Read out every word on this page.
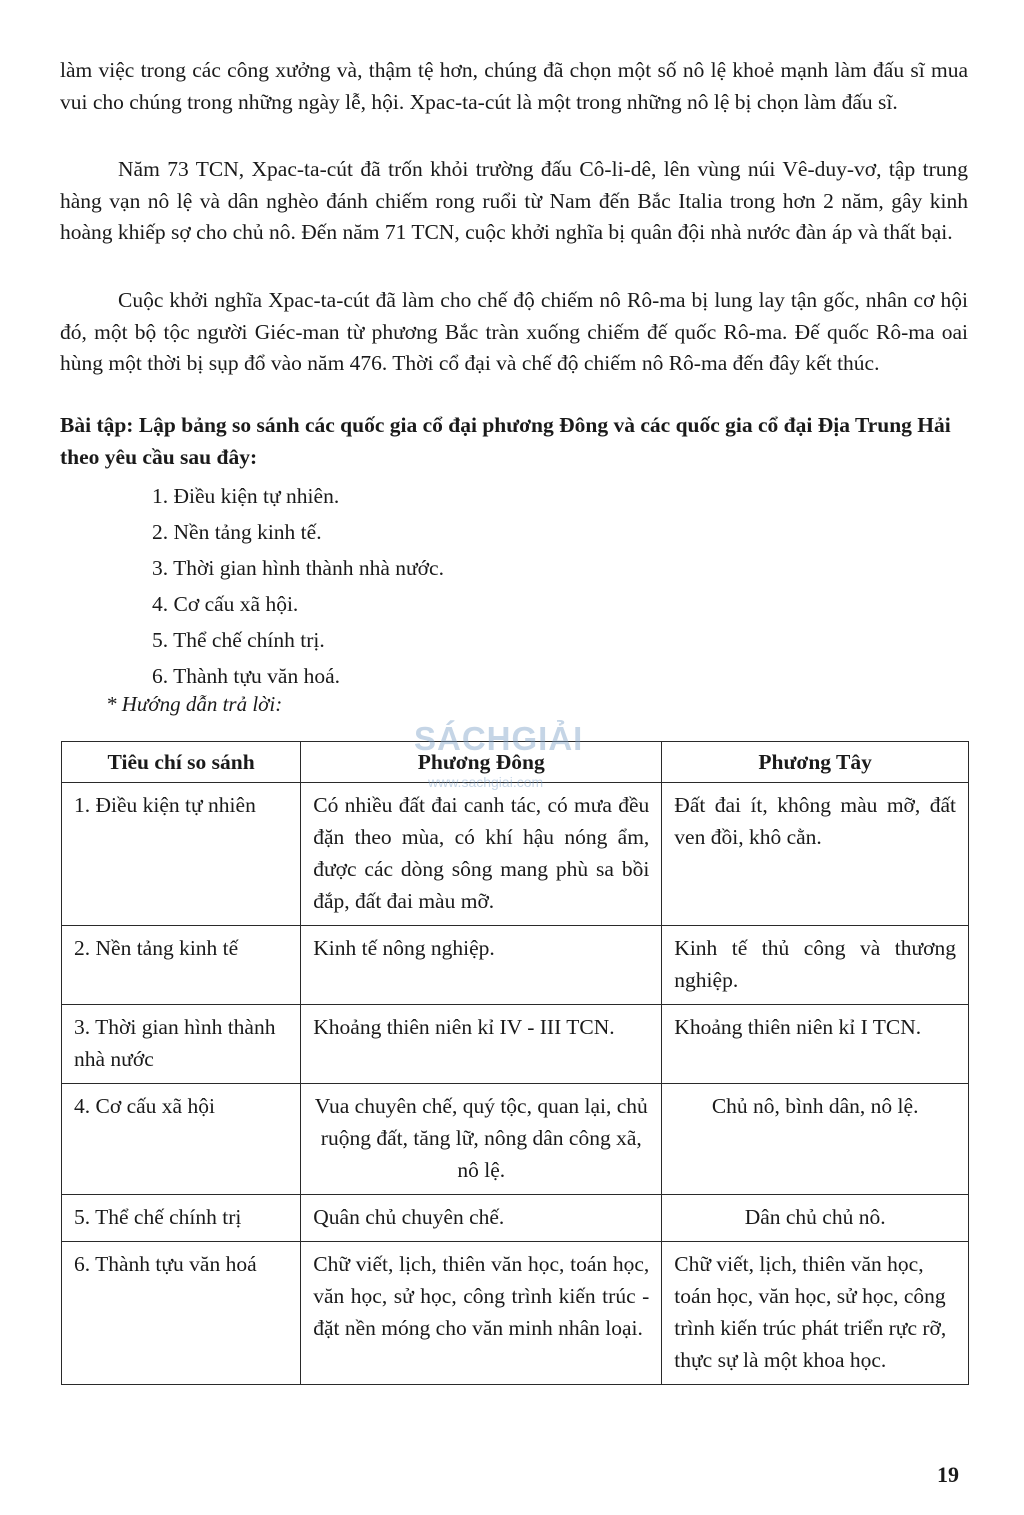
làm việc trong các công xưởng và, thậm tệ hơn, chúng đã chọn một số nô lệ khoẻ mạnh làm đấu sĩ mua vui cho chúng trong những ngày lễ, hội. Xpac-ta-cút là một trong những nô lệ bị chọn làm đấu sĩ.

Năm 73 TCN, Xpac-ta-cút đã trốn khỏi trường đấu Cô-li-dê, lên vùng núi Vê-duy-vơ, tập trung hàng vạn nô lệ và dân nghèo đánh chiếm rong ruổi từ Nam đến Bắc Italia trong hơn 2 năm, gây kinh hoàng khiếp sợ cho chủ nô. Đến năm 71 TCN, cuộc khởi nghĩa bị quân đội nhà nước đàn áp và thất bại.

Cuộc khởi nghĩa Xpac-ta-cút đã làm cho chế độ chiếm nô Rô-ma bị lung lay tận gốc, nhân cơ hội đó, một bộ tộc người Giéc-man từ phương Bắc tràn xuống chiếm đế quốc Rô-ma. Đế quốc Rô-ma oai hùng một thời bị sụp đổ vào năm 476. Thời cổ đại và chế độ chiếm nô Rô-ma đến đây kết thúc.

Bài tập: Lập bảng so sánh các quốc gia cổ đại phương Đông và các quốc gia cổ đại Địa Trung Hải theo yêu cầu sau đây:

1. Điều kiện tự nhiên.
2. Nền tảng kinh tế.
3. Thời gian hình thành nhà nước.
4. Cơ cấu xã hội.
5. Thể chế chính trị.
6. Thành tựu văn hoá.

* Hướng dẫn trả lời:

Tiêu chí so sánh	Phương Đông	Phương Tây
1. Điều kiện tự nhiên	Có nhiều đất đai canh tác, có mưa đều đặn theo mùa, có khí hậu nóng ẩm, được các dòng sông mang phù sa bồi đắp, đất đai màu mỡ.	Đất đai ít, không màu mỡ, đất ven đồi, khô cằn.
2. Nền tảng kinh tế	Kinh tế nông nghiệp.	Kinh tế thủ công và thương nghiệp.
3. Thời gian hình thành nhà nước	Khoảng thiên niên kỉ IV - III TCN.	Khoảng thiên niên kỉ I TCN.
4. Cơ cấu xã hội	Vua chuyên chế, quý tộc, quan lại, chủ ruộng đất, tăng lữ, nông dân công xã, nô lệ.	Chủ nô, bình dân, nô lệ.
5. Thể chế chính trị	Quân chủ chuyên chế.	Dân chủ chủ nô.
6. Thành tựu văn hoá	Chữ viết, lịch, thiên văn học, toán học, văn học, sử học, công trình kiến trúc - đặt nền móng cho văn minh nhân loại.	Chữ viết, lịch, thiên văn học, toán học, văn học, sử học, công trình kiến trúc phát triển rực rỡ, thực sự là một khoa học.
SÁCHGIẢI
www.sachgiai.com
19
